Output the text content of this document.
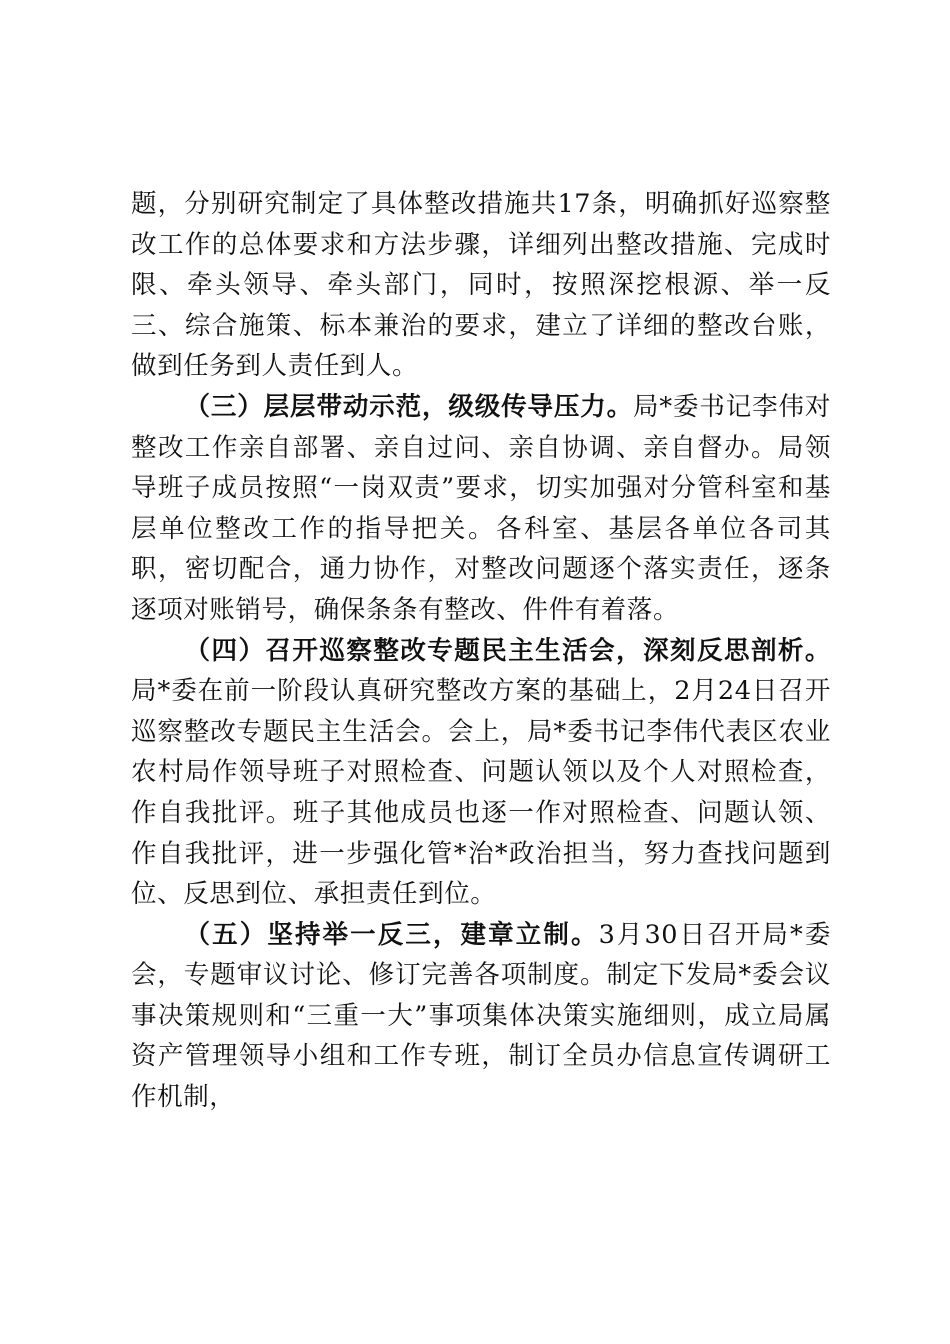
题，分别研究制定了具体整改措施共17条，明确抓好巡察整改工作的总体要求和方法步骤，详细列出整改措施、完成时限、牵头领导、牵头部门，同时，按照深挖根源、举一反三、综合施策、标本兼治的要求，建立了详细的整改台账，做到任务到人责任到人。

（三）层层带动示范，级级传导压力。局*委书记李伟对整改工作亲自部署、亲自过问、亲自协调、亲自督办。局领导班子成员按照“一岗双责”要求，切实加强对分管科室和基层单位整改工作的指导把关。各科室、基层各单位各司其职，密切配合，通力协作，对整改问题逐个落实责任，逐条逐项对账销号，确保条条有整改、件件有着落。

（四）召开巡察整改专题民主生活会，深刻反思剖析。局*委在前一阶段认真研究整改方案的基础上，2月24日召开巡察整改专题民主生活会。会上，局*委书记李伟代表区农业农村局作领导班子对照检查、问题认领以及个人对照检查，作自我批评。班子其他成员也逐一作对照检查、问题认领、作自我批评，进一步强化管*治*政治担当，努力查找问题到位、反思到位、承担责任到位。

（五）坚持举一反三，建章立制。3月30日召开局*委会，专题审议讨论、修订完善各项制度。制定下发局*委会议事决策规则和“三重一大”事项集体决策实施细则，成立局属资产管理领导小组和工作专班，制订全员办信息宣传调研工作机制，
